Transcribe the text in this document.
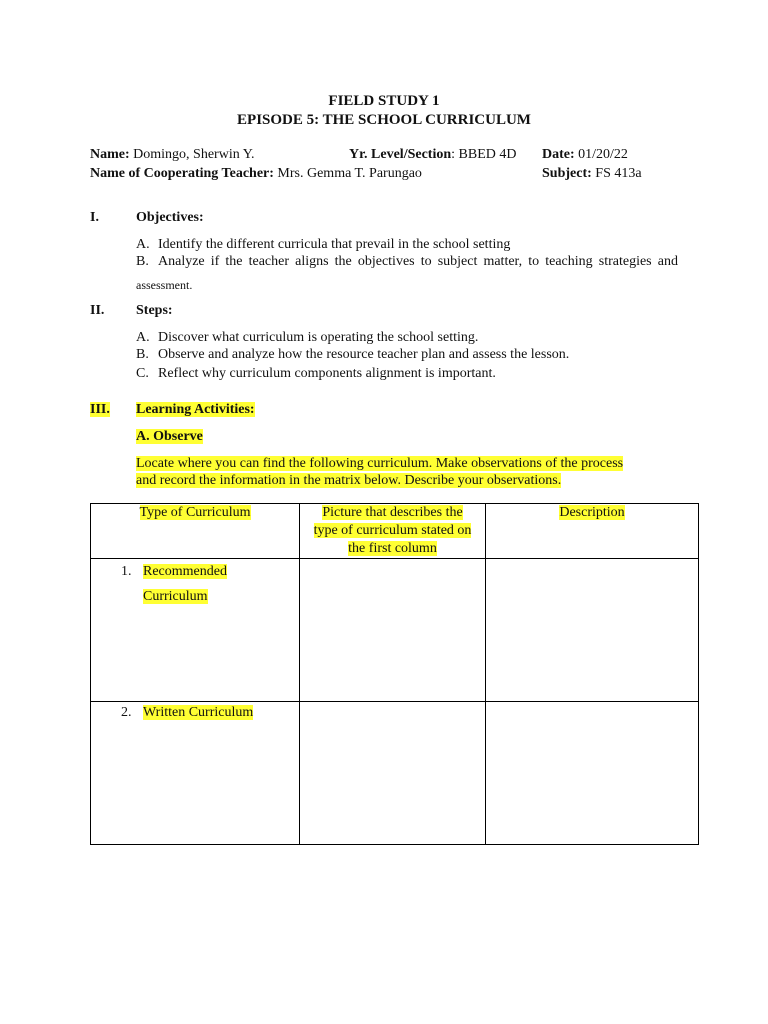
FIELD STUDY 1
EPISODE 5: THE SCHOOL CURRICULUM
Name: Domingo, Sherwin Y.	Yr. Level/Section: BBED 4D Date: 01/20/22
Name of Cooperating Teacher: Mrs. Gemma T. Parungao	Subject: FS 413a
I.	Objectives:
A. Identify the different curricula that prevail in the school setting
B. Analyze if the teacher aligns the objectives to subject matter, to teaching strategies and
assessment.
II. Steps:
A. Discover what curriculum is operating the school setting.
B. Observe and analyze how the resource teacher plan and assess the lesson.
C. Reflect why curriculum components alignment is important.
III. Learning Activities:
A. Observe
Locate where you can find the following curriculum. Make observations of the process
and record the information in the matrix below. Describe your observations.
Type of Curriculum	Picture that describes the
type of curriculum stated on
the first column	Description

1. Recommended
Curriculum		

2. Written Curriculum		
